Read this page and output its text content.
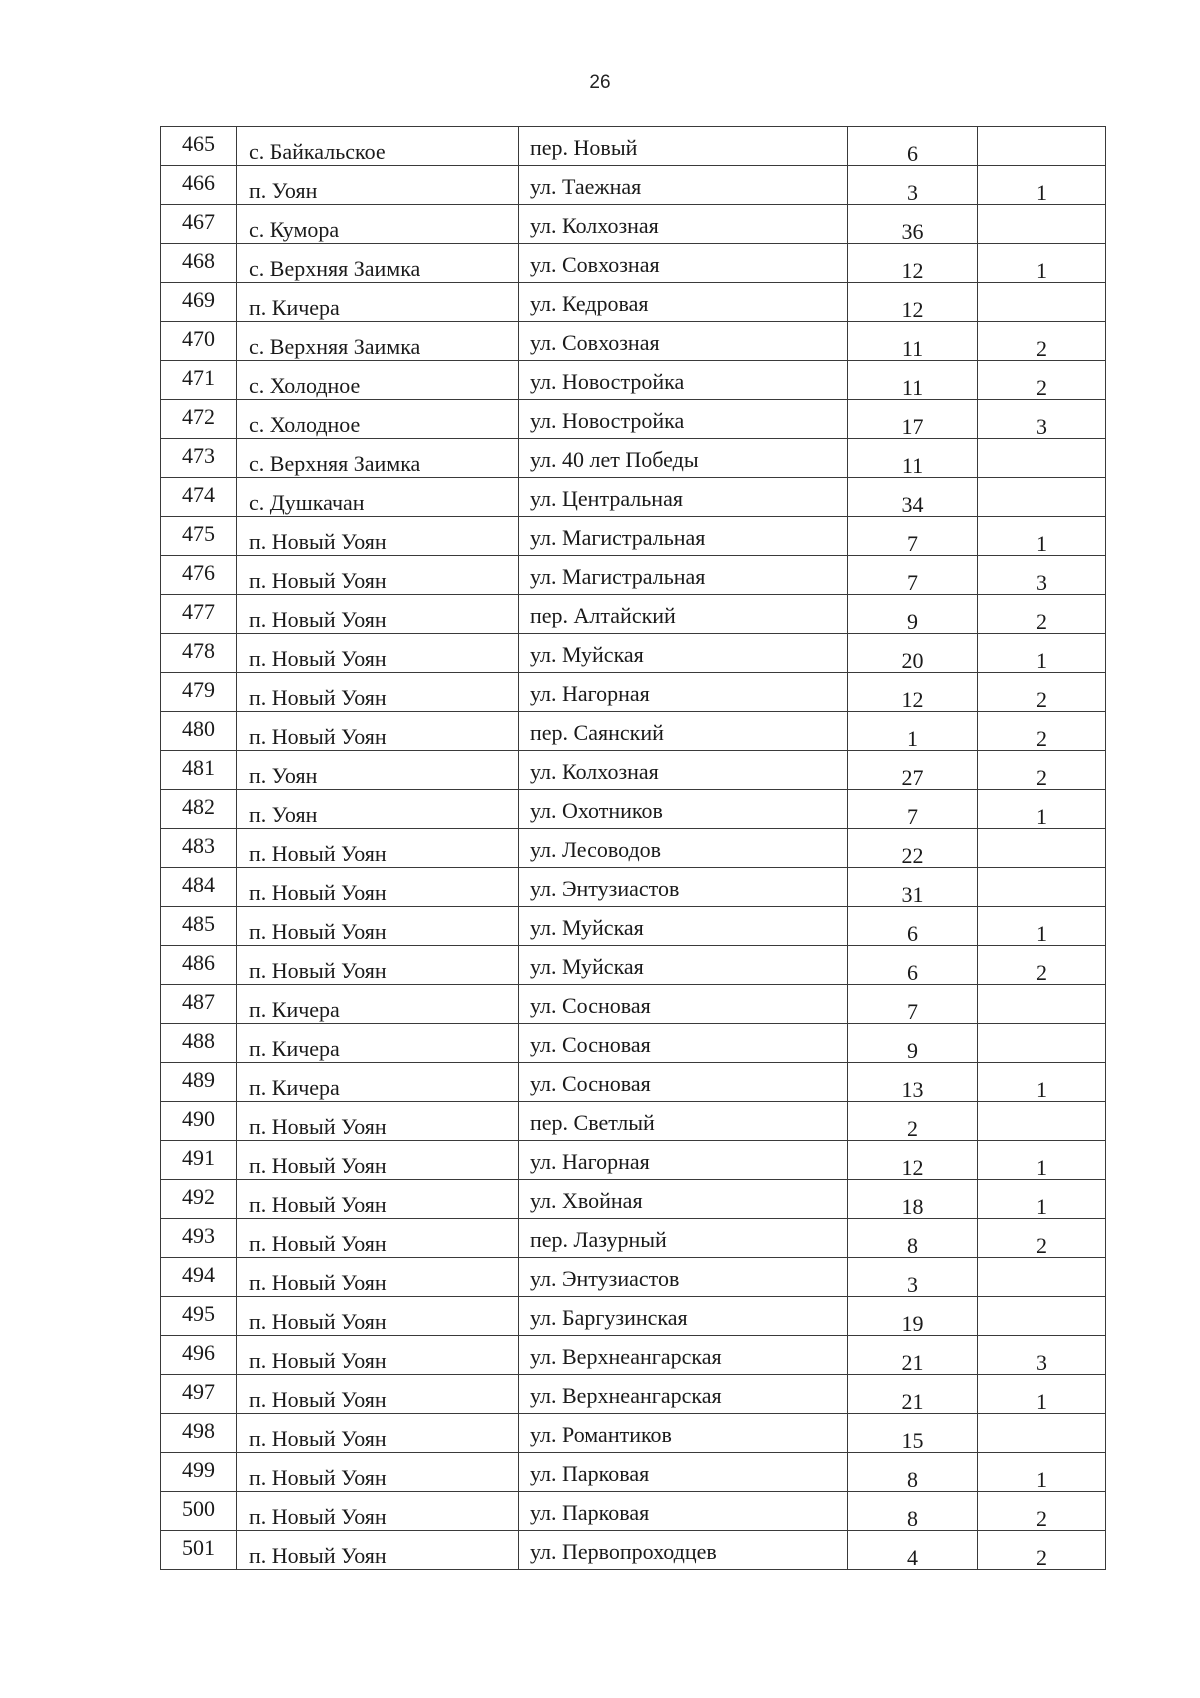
26
465	с. Байкальское	пер. Новый	6	

466	п. Уоян	ул. Таежная	3	1

467	с. Кумора	ул. Колхозная	36	

468	с. Верхняя Заимка	ул. Совхозная	12	1

469	п. Кичера	ул. Кедровая	12	

470	с. Верхняя Заимка	ул. Совхозная	11	2

471	с. Холодное	ул. Новостройка	11	2

472	с. Холодное	ул. Новостройка	17	3

473	с. Верхняя Заимка	ул. 40 лет Победы	11	

474	с. Душкачан	ул. Центральная	34	

475	п. Новый Уоян	ул. Магистральная	7	1

476	п. Новый Уоян	ул. Магистральная	7	3

477	п. Новый Уоян	пер. Алтайский	9	2

478	п. Новый Уоян	ул. Муйская	20	1

479	п. Новый Уоян	ул. Нагорная	12	2

480	п. Новый Уоян	пер. Саянский	1	2

481	п. Уоян	ул. Колхозная	27	2

482	п. Уоян	ул. Охотников	7	1

483	п. Новый Уоян	ул. Лесоводов	22	

484	п. Новый Уоян	ул. Энтузиастов	31	

485	п. Новый Уоян	ул. Муйская	6	1

486	п. Новый Уоян	ул. Муйская	6	2

487	п. Кичера	ул. Сосновая	7	

488	п. Кичера	ул. Сосновая	9	

489	п. Кичера	ул. Сосновая	13	1

490	п. Новый Уоян	пер. Светлый	2	

491	п. Новый Уоян	ул. Нагорная	12	1

492	п. Новый Уоян	ул. Хвойная	18	1

493	п. Новый Уоян	пер. Лазурный	8	2

494	п. Новый Уоян	ул. Энтузиастов	3	

495	п. Новый Уоян	ул. Баргузинская	19	

496	п. Новый Уоян	ул. Верхнеангарская	21	3

497	п. Новый Уоян	ул. Верхнеангарская	21	1

498	п. Новый Уоян	ул. Романтиков	15	

499	п. Новый Уоян	ул. Парковая	8	1

500	п. Новый Уоян	ул. Парковая	8	2

501	п. Новый Уоян	ул. Первопроходцев	4	2
